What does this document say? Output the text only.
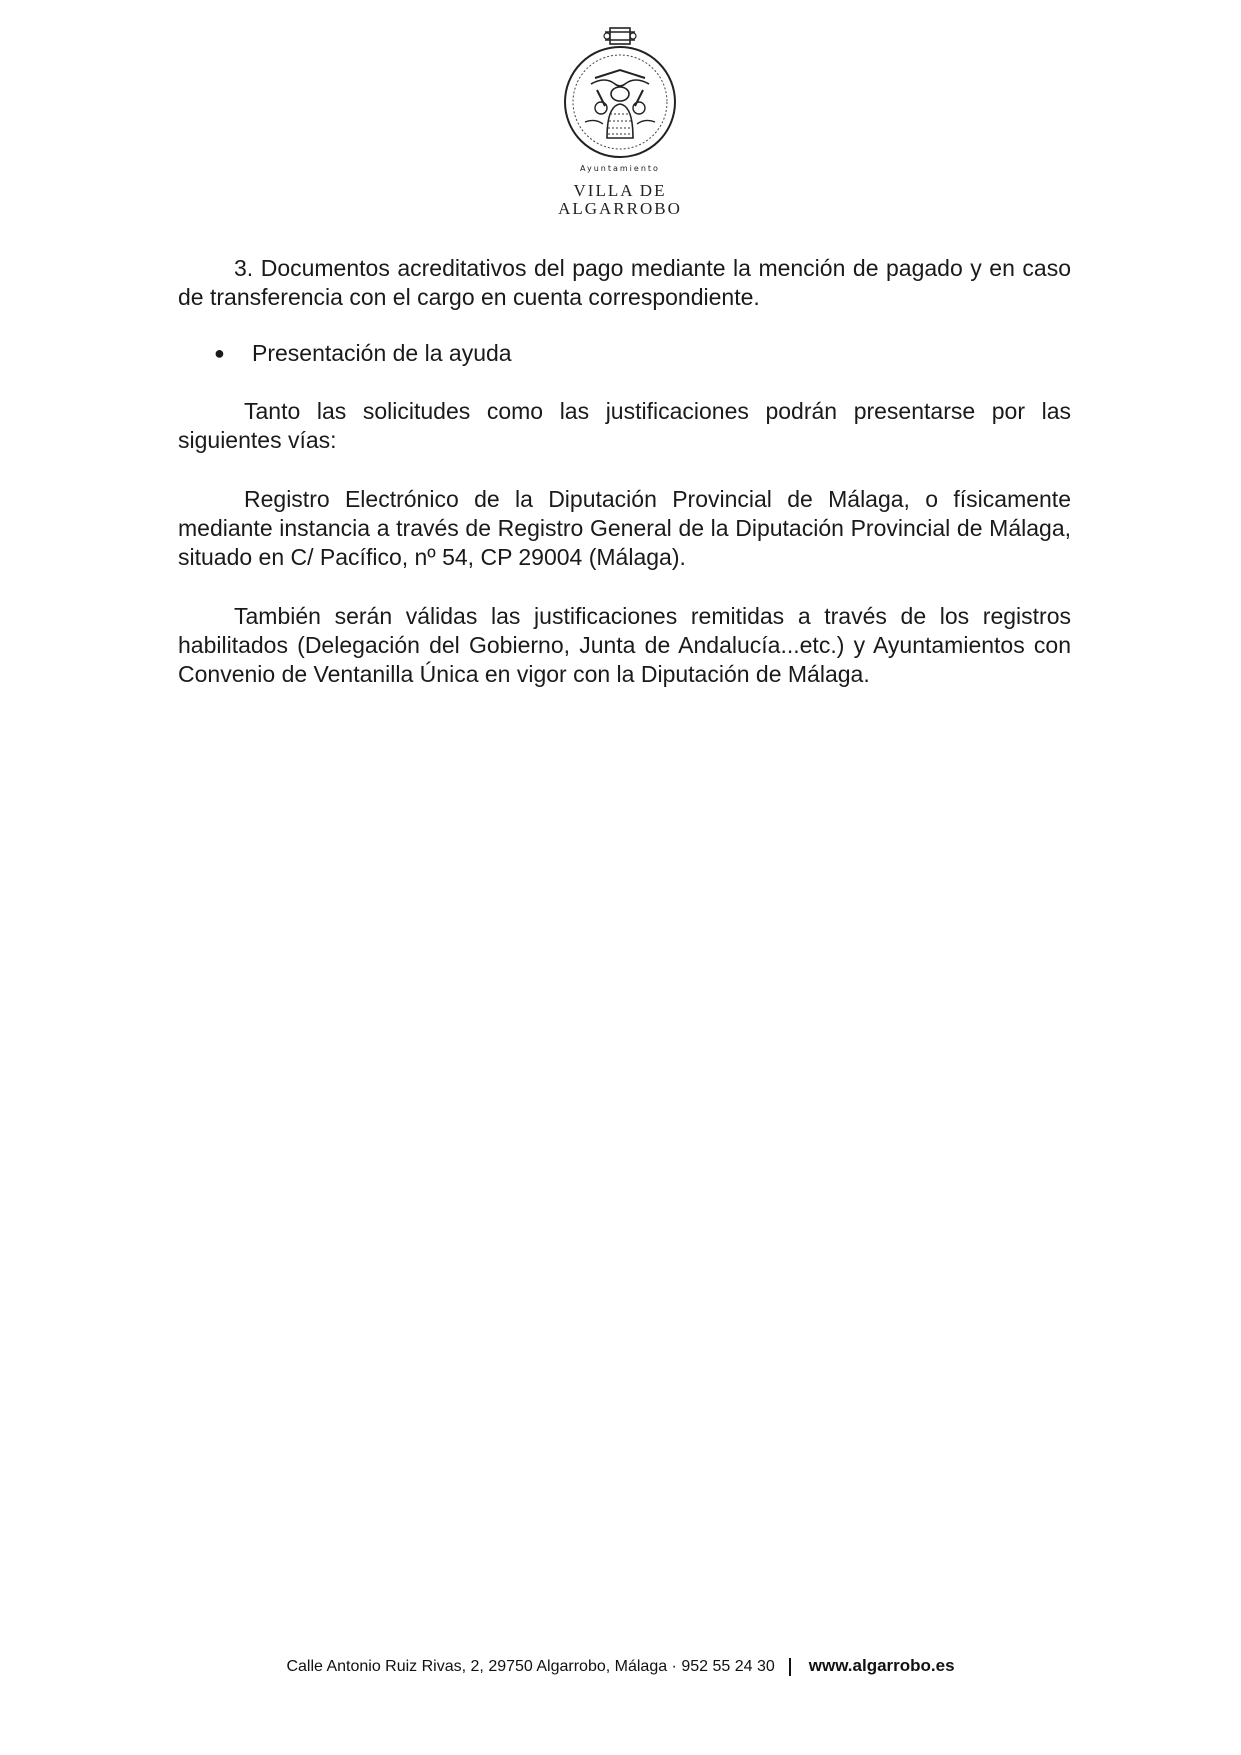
Ayuntamiento
VILLA DE
ALGARROBO

3. Documentos acreditativos del pago mediante la mención de pagado y en caso de transferencia con el cargo en cuenta correspondiente.

● Presentación de la ayuda

Tanto las solicitudes como las justificaciones podrán presentarse por las siguientes vías:

Registro Electrónico de la Diputación Provincial de Málaga, o físicamente mediante instancia a través de Registro General de la Diputación Provincial de Málaga, situado en C/ Pacífico, nº 54, CP 29004 (Málaga).

También serán válidas las justificaciones remitidas a través de los registros habilitados (Delegación del Gobierno, Junta de Andalucía...etc.) y Ayuntamientos con Convenio de Ventanilla Única en vigor con la Diputación de Málaga.

Calle Antonio Ruiz Rivas, 2, 29750 Algarrobo, Málaga · 952 55 24 30 www.algarrobo.es
